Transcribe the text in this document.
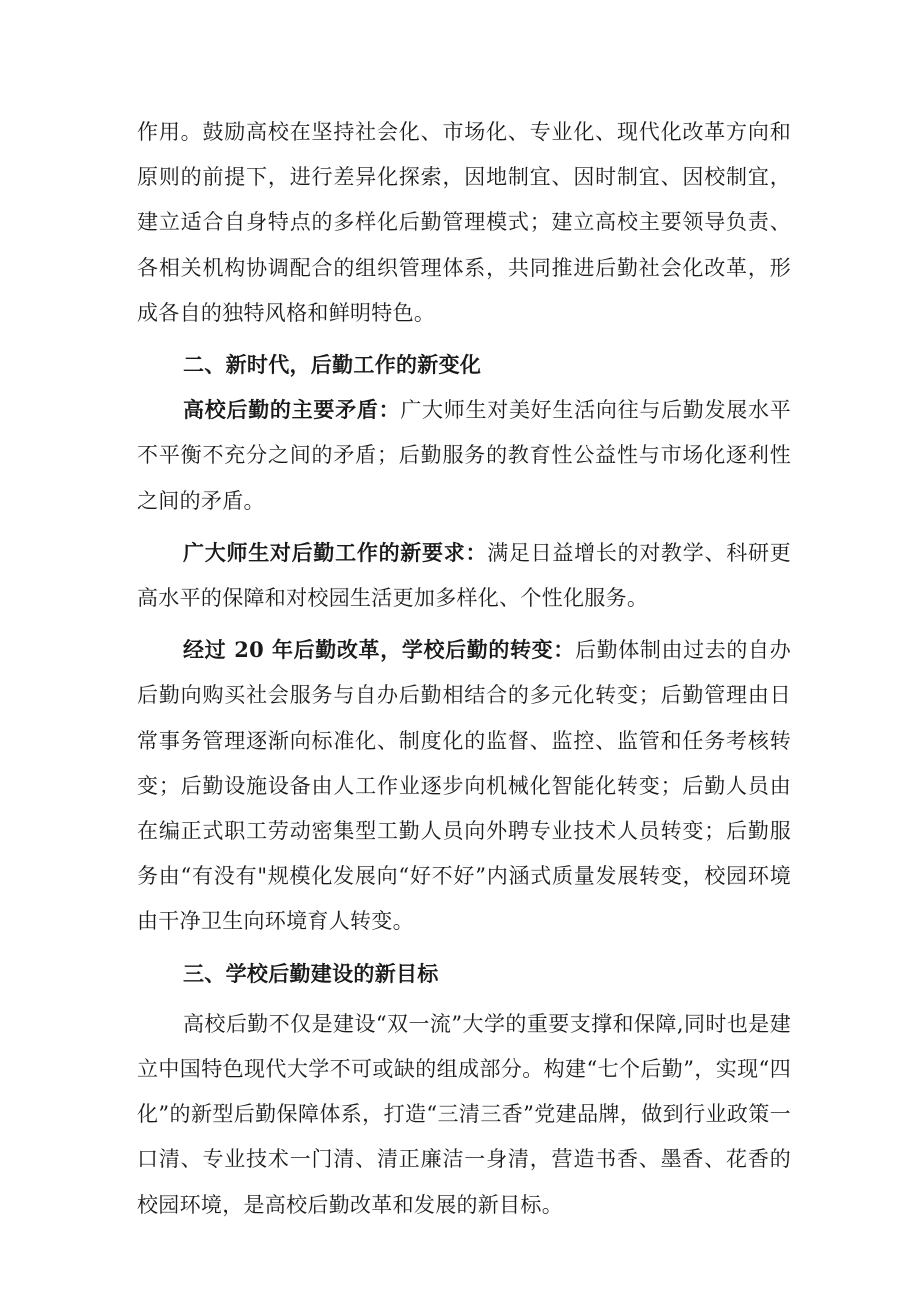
作用。鼓励高校在坚持社会化、市场化、专业化、现代化改革方向和原则的前提下，进行差异化探索，因地制宜、因时制宜、因校制宜，建立适合自身特点的多样化后勤管理模式；建立高校主要领导负责、各相关机构协调配合的组织管理体系，共同推进后勤社会化改革，形成各自的独特风格和鲜明特色。

二、新时代，后勤工作的新变化

高校后勤的主要矛盾：广大师生对美好生活向往与后勤发展水平不平衡不充分之间的矛盾；后勤服务的教育性公益性与市场化逐利性之间的矛盾。

广大师生对后勤工作的新要求：满足日益增长的对教学、科研更高水平的保障和对校园生活更加多样化、个性化服务。

经过 20 年后勤改革，学校后勤的转变：后勤体制由过去的自办后勤向购买社会服务与自办后勤相结合的多元化转变；后勤管理由日常事务管理逐渐向标准化、制度化的监督、监控、监管和任务考核转变；后勤设施设备由人工作业逐步向机械化智能化转变；后勤人员由在编正式职工劳动密集型工勤人员向外聘专业技术人员转变；后勤服务由“有没有"规模化发展向“好不好”内涵式质量发展转变，校园环境由干净卫生向环境育人转变。

三、学校后勤建设的新目标

高校后勤不仅是建设“双一流”大学的重要支撑和保障,同时也是建立中国特色现代大学不可或缺的组成部分。构建“七个后勤”，实现“四化”的新型后勤保障体系，打造“三清三香”党建品牌，做到行业政策一口清、专业技术一门清、清正廉洁一身清，营造书香、墨香、花香的校园环境，是高校后勤改革和发展的新目标。
